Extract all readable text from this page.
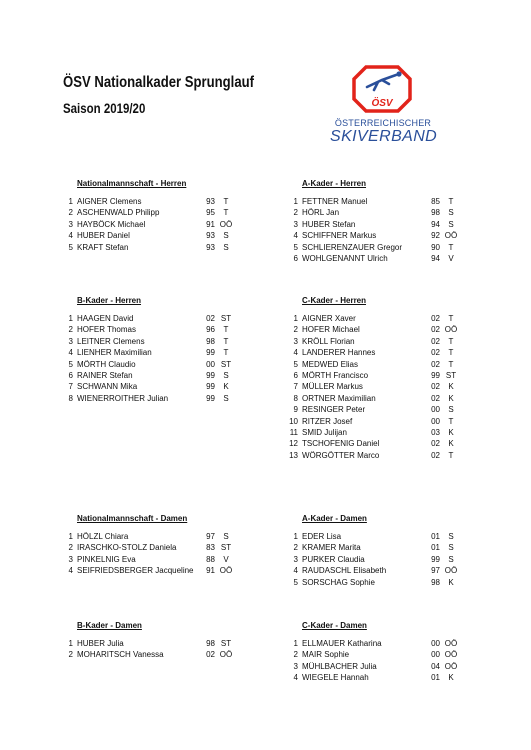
ÖSV Nationalkader Sprunglauf
Saison 2019/20	ÖSV
ÖSTERREICHISCHER
SKIVERBAND
Nationalmannschaft - Herren
1 AIGNER Clemens	93	T
2 ASCHENWALD Philipp	95	T
3 HAYBÖCK Michael	91 OÖ
4 HUBER Daniel	93	S
5 KRAFT Stefan	93	S
A-Kader - Herren
1 FETTNER Manuel	85	T
2 HÖRL Jan	98	S
3 HUBER Stefan	94	S
4 SCHIFFNER Markus	92 OÖ
5 SCHLIERENZAUER Gregor	90	T
6 WOHLGENANNT Ulrich	94	V
B-Kader - Herren
1 HAAGEN David	02 ST
2 HOFER Thomas	96	T
3 LEITNER Clemens	98	T
4 LIENHER Maximilian	99	T
5 MÖRTH Claudio	00 ST
6 RAINER Stefan	99	S
7 SCHWANN Mika	99	K
8 WIENERROITHER Julian	99	S
C-Kader - Herren
1 AIGNER Xaver	02	T
2 HOFER Michael	02 OÖ
3 KRÖLL Florian	02	T
4 LANDERER Hannes	02	T
5 MEDWED Elias	02	T
6 MÖRTH Francisco	99 ST
7 MÜLLER Markus	02	K
8 ORTNER Maximilian	02	K
9 RESINGER Peter	00	S
10 RITZER Josef	00	T
11 SMID Julijan	03	K
12 TSCHOFENIG Daniel	02	K
13 WÖRGÖTTER Marco	02	T
Nationalmannschaft - Damen
1 HÖLZL Chiara	97	S
2 IRASCHKO-STOLZ Daniela	83 ST
3 PINKELNIG Eva	88	V
4 SEIFRIEDSBERGER Jacqueline	91 OÖ
A-Kader - Damen
1 EDER Lisa	01	S
2 KRAMER Marita	01	S
3 PURKER Claudia	99	S
4 RAUDASCHL Elisabeth	97 OÖ
5 SORSCHAG Sophie	98	K
B-Kader - Damen
1 HUBER Julia	98 ST
2 MOHARITSCH Vanessa	02 OÖ
C-Kader - Damen
1 ELLMAUER Katharina	00 OÖ
2 MAIR Sophie	00 OÖ
3 MÜHLBACHER Julia	04 OÖ
4 WIEGELE Hannah	01	K
